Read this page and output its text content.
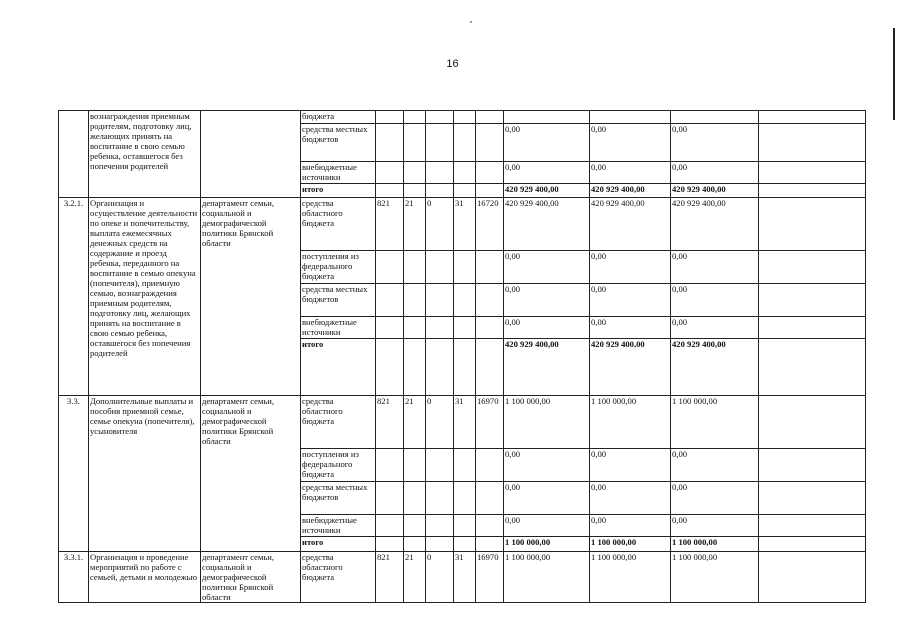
16
	вознаграждения приемным родителям, подготовку лиц, желающих принять на воспитание в свою семью ребенка, оставшегося без попечения родителей		бюджета									
			средства местных бюджетов						0,00	0,00	0,00	
			внебюджетные источники						0,00	0,00	0,00	
			итого						420 929 400,00	420 929 400,00	420 929 400,00	
3.2.1.	Организация и осуществление деятельности по опеке и попечительству, выплата ежемесячных денежных средств на содержание и проезд ребенка, переданного на воспитание в семью опекуна (попечителя), приемную семью, вознаграждения приемным родителям, подготовку лиц, желающих принять на воспитание в свою семью ребенка, оставшегося без попечения родителей	департамент семьи, социальной и демографической политики Брянской области	средства областного бюджета	821	21	0	31	16720	420 929 400,00	420 929 400,00	420 929 400,00	
			поступления из федерального бюджета						0,00	0,00	0,00	
			средства местных бюджетов						0,00	0,00	0,00	
			внебюджетные источники						0,00	0,00	0,00	
			итого						420 929 400,00	420 929 400,00	420 929 400,00	
3.3.	Дополнительные выплаты и пособия приемной семье, семье опекуна (попечителя), усыновителя	департамент семьи, социальной и демографической политики Брянской области	средства областного бюджета	821	21	0	31	16970	1 100 000,00	1 100 000,00	1 100 000,00	
			поступления из федерального бюджета						0,00	0,00	0,00	
			средства местных бюджетов						0,00	0,00	0,00	
			внебюджетные источники						0,00	0,00	0,00	
			итого						1 100 000,00	1 100 000,00	1 100 000,00	
3.3.1.	Организация и проведение мероприятий по работе с семьей, детьми и молодежью	департамент семьи, социальной и демографической политики Брянской области	средства областного бюджета	821	21	0	31	16970	1 100 000,00	1 100 000,00	1 100 000,00	
